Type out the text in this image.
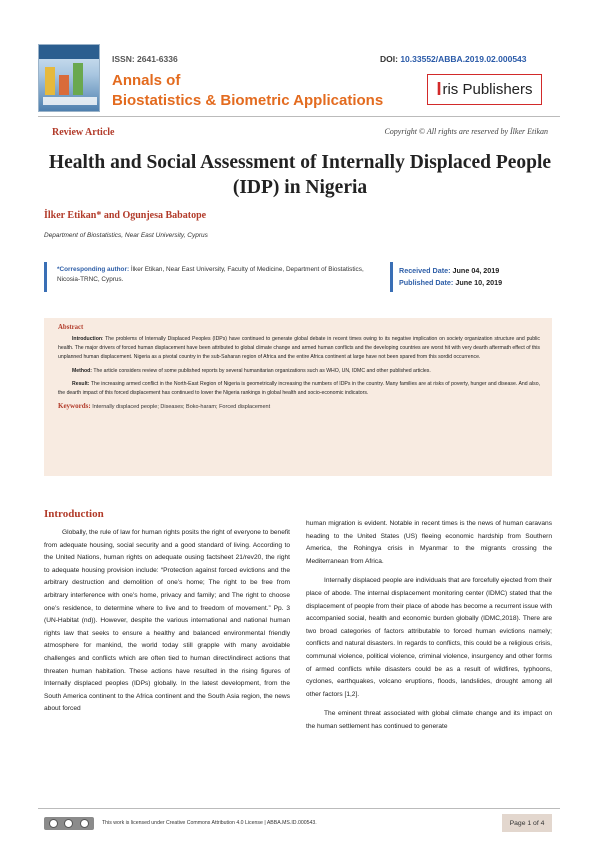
ISSN: 2641-6336	DOI: 10.33552/ABBA.2019.02.000543
Annals of
Biostatistics & Biometric Applications
I ris Publishers
Review Article	Copyright © All rights are reserved by İlker Etikan
Health and Social Assessment of Internally Displaced People (IDP) in Nigeria
İlker Etikan* and Ogunjesa Babatope
Department of Biostatistics, Near East University, Cyprus
*Corresponding author: İlker Etikan, Near East University, Faculty of Medicine, Department of Biostatistics, Nicosia-TRNC, Cyprus.
Received Date: June 04, 2019
Published Date: June 10, 2019
Abstract

Introduction: The problems of Internally Displaced Peoples (IDPs) have continued to generate global debate in recent times owing to its negative implication on society organization structure and public health. The major drivers of forced human displacement have been attributed to global climate change and armed human conflicts and the developing countries are worst hit with very dearth aftermath effect of this unplanned human displacement. Nigeria as a pivotal country in the sub-Saharan region of Africa and the entire Africa continent at large have not been spared from this sordid occurrence.

Method: The article considers review of some published reports by several humanitarian organizations such as WHO, UN, IDMC and other published articles.

Result: The increasing armed conflict in the North-East Region of Nigeria is geometrically increasing the numbers of IDPs in the country. Many families are at risks of poverty, hunger and disease. And also, the dearth impact of this forced displacement has continued to lower the Nigeria rankings in global health and socio-economic indicators.

Keywords: Internally displaced people; Diseases; Boko-haram; Forced displacement
Introduction

Globally, the rule of law for human rights posits the right of everyone to benefit from adequate housing, social security and a good standard of living. According to the United Nations, human rights on adequate ousing factsheet 21/rev20, the right to adequate housing provision include: “Protection against forced evictions and the arbitrary destruction and demolition of one’s home; The right to be free from arbitrary interference with one’s home, privacy and family; and The right to choose one’s residence, to determine where to live and to freedom of movement.” Pp. 3 (UN-Habitat (nd)). However, despite the various international and national human rights law that seeks to ensure a healthy and balanced environmental friendly atmosphere for mankind, the world today still grapple with many avoidable challenges and conflicts which are often tied to human direct/indirect actions that threaten human habitation. These actions have resulted in the rising figures of Internally displaced peoples (IDPs) globally. In the latest development, from the South America continent to the Africa continent and the South Asia region, the news about forced

human migration is evident. Notable in recent times is the news of human caravans heading to the United States (US) fleeing economic hardship from Southern America, the Rohingya crisis in Myanmar to the migrants crossing the Mediterranean from Africa.

Internally displaced people are individuals that are forcefully ejected from their place of abode. The internal displacement monitoring center (IDMC) stated that the displacement of people from their place of abode has become a recurrent issue with accompanied social, health and economic burden globally (IDMC,2018). There are two broad categories of factors attributable to forced human evictions namely; conflicts and natural disasters. In regards to conflicts, this could be a religious crisis, communal violence, political violence, criminal violence, insurgency and other forms of armed conflicts while disasters could be as a result of wildfires, typhoons, cyclones, earthquakes, volcano eruptions, floods, landslides, drought among all other factors [1,2].

The eminent threat associated with global climate change and its impact on the human settlement has continued to generate

This work is licensed under Creative Commons Attribution 4.0 License | ABBA.MS.ID.000543.	Page 1 of 4
